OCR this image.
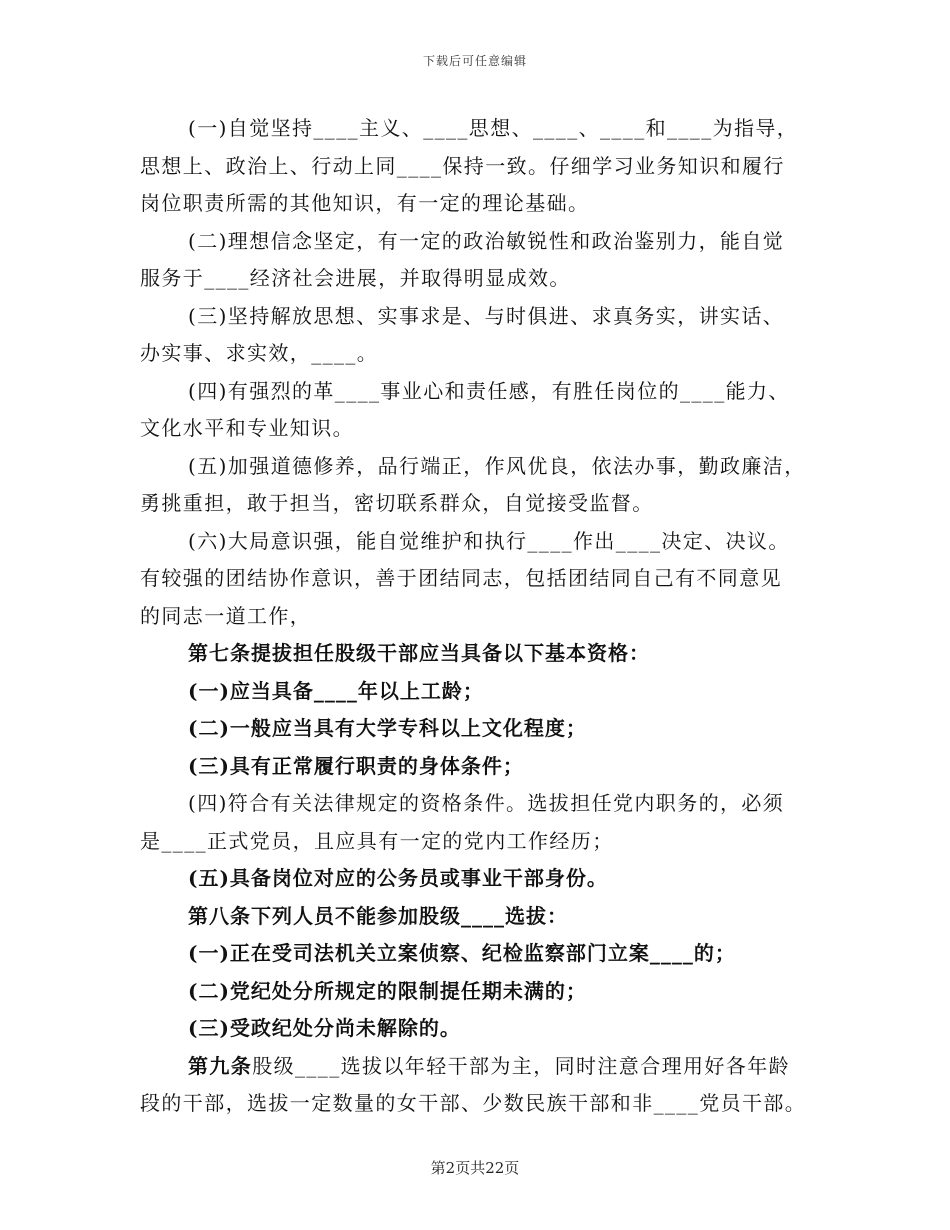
下载后可任意编辑
(一)自觉坚持____主义、____思想、____、____和____为指导，
思想上、政治上、行动上同____保持一致。仔细学习业务知识和履行
岗位职责所需的其他知识，有一定的理论基础。
(二)理想信念坚定，有一定的政治敏锐性和政治鉴别力，能自觉
服务于____经济社会进展，并取得明显成效。
(三)坚持解放思想、实事求是、与时俱进、求真务实，讲实话、
办实事、求实效，____。
(四)有强烈的革____事业心和责任感，有胜任岗位的____能力、
文化水平和专业知识。
(五)加强道德修养，品行端正，作风优良，依法办事，勤政廉洁，
勇挑重担，敢于担当，密切联系群众，自觉接受监督。
(六)大局意识强，能自觉维护和执行____作出____决定、决议。
有较强的团结协作意识，善于团结同志，包括团结同自己有不同意见
的同志一道工作，
第七条提拔担任股级干部应当具备以下基本资格：
(一)应当具备____年以上工龄；
(二)一般应当具有大学专科以上文化程度；
(三)具有正常履行职责的身体条件；
(四)符合有关法律规定的资格条件。选拔担任党内职务的，必须
是____正式党员，且应具有一定的党内工作经历；
(五)具备岗位对应的公务员或事业干部身份。
第八条下列人员不能参加股级____选拔：
(一)正在受司法机关立案侦察、纪检监察部门立案____的；
(二)党纪处分所规定的限制提任期未满的；
(三)受政纪处分尚未解除的。
第九条股级____选拔以年轻干部为主，同时注意合理用好各年龄
段的干部，选拔一定数量的女干部、少数民族干部和非____党员干部。
第2页共22页
